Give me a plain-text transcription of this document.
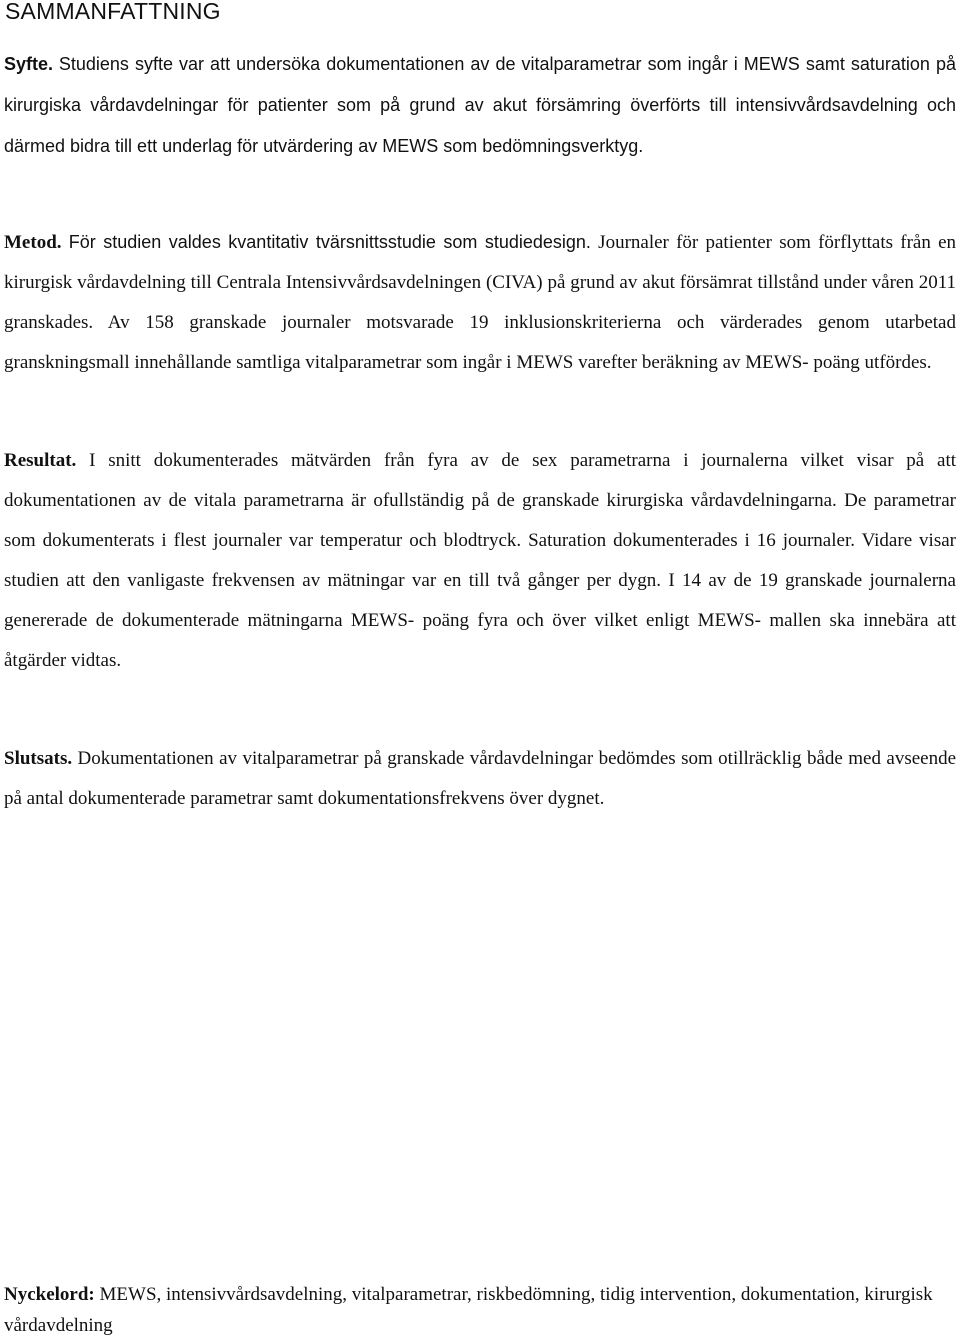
SAMMANFATTNING

Syfte. Studiens syfte var att undersöka dokumentationen av de vitalparametrar som ingår i MEWS samt saturation på kirurgiska vårdavdelningar för patienter som på grund av akut försämring överförts till intensivvårdsavdelning och därmed bidra till ett underlag för utvärdering av MEWS som bedömningsverktyg.

Metod. För studien valdes kvantitativ tvärsnittsstudie som studiedesign. Journaler för patienter som förflyttats från en kirurgisk vårdavdelning till Centrala Intensivvårdsavdelningen (CIVA) på grund av akut försämrat tillstånd under våren 2011 granskades. Av 158 granskade journaler motsvarade 19 inklusionskriterierna och värderades genom utarbetad granskningsmall innehållande samtliga vitalparametrar som ingår i MEWS varefter beräkning av MEWS- poäng utfördes.

Resultat. I snitt dokumenterades mätvärden från fyra av de sex parametrarna i journalerna vilket visar på att dokumentationen av de vitala parametrarna är ofullständig på de granskade kirurgiska vårdavdelningarna. De parametrar som dokumenterats i flest journaler var temperatur och blodtryck. Saturation dokumenterades i 16 journaler. Vidare visar studien att den vanligaste frekvensen av mätningar var en till två gånger per dygn. I 14 av de 19 granskade journalerna genererade de dokumenterade mätningarna MEWS- poäng fyra och över vilket enligt MEWS- mallen ska innebära att åtgärder vidtas.

Slutsats. Dokumentationen av vitalparametrar på granskade vårdavdelningar bedömdes som otillräcklig både med avseende på antal dokumenterade parametrar samt dokumentationsfrekvens över dygnet.

Nyckelord: MEWS, intensivvårdsavdelning, vitalparametrar, riskbedömning, tidig intervention, dokumentation, kirurgisk vårdavdelning
